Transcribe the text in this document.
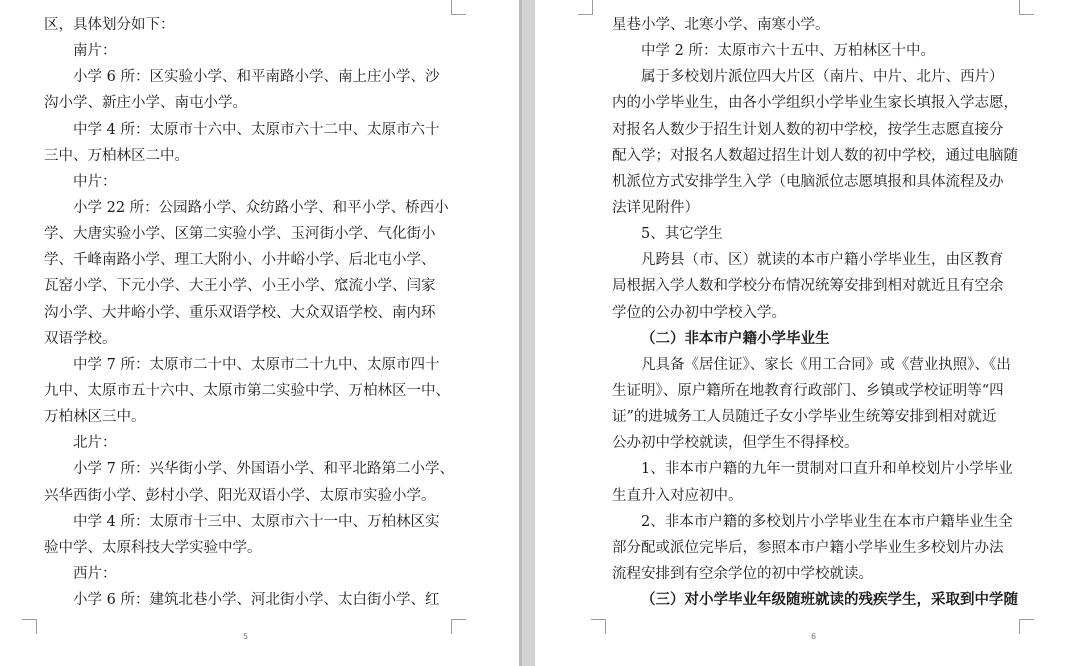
区，具体划分如下：
南片：
小学 6 所：区实验小学、和平南路小学、南上庄小学、沙
沟小学、新庄小学、南屯小学。
中学 4 所：太原市十六中、太原市六十二中、太原市六十
三中、万柏林区二中。
中片：
小学 22 所：公园路小学、众纺路小学、和平小学、桥西小
学、大唐实验小学、区第二实验小学、玉河街小学、气化街小
学、千峰南路小学、理工大附小、小井峪小学、后北屯小学、
瓦窑小学、下元小学、大王小学、小王小学、窊流小学、闫家
沟小学、大井峪小学、重乐双语学校、大众双语学校、南内环
双语学校。
中学 7 所：太原市二十中、太原市二十九中、太原市四十
九中、太原市五十六中、太原市第二实验中学、万柏林区一中、
万柏林区三中。
北片：
小学 7 所：兴华街小学、外国语小学、和平北路第二小学、
兴华西街小学、彭村小学、阳光双语小学、太原市实验小学。
中学 4 所：太原市十三中、太原市六十一中、万柏林区实
验中学、太原科技大学实验中学。
西片：
小学 6 所：建筑北巷小学、河北街小学、太白街小学、红
5
星巷小学、北寒小学、南寒小学。
中学 2 所：太原市六十五中、万柏林区十中。
属于多校划片派位四大片区（南片、中片、北片、西片）
内的小学毕业生，由各小学组织小学毕业生家长填报入学志愿，
对报名人数少于招生计划人数的初中学校，按学生志愿直接分
配入学；对报名人数超过招生计划人数的初中学校，通过电脑随
机派位方式安排学生入学（电脑派位志愿填报和具体流程及办
法详见附件）
5、其它学生
凡跨县（市、区）就读的本市户籍小学毕业生，由区教育
局根据入学人数和学校分布情况统筹安排到相对就近且有空余
学位的公办初中学校入学。
（二）非本市户籍小学毕业生
凡具备《居住证》、家长《用工合同》或《营业执照》、《出
生证明》、原户籍所在地教育行政部门、乡镇或学校证明等“四
证”的进城务工人员随迁子女小学毕业生统筹安排到相对就近
公办初中学校就读，但学生不得择校。
1、非本市户籍的九年一贯制对口直升和单校划片小学毕业
生直升入对应初中。
2、非本市户籍的多校划片小学毕业生在本市户籍毕业生全
部分配或派位完毕后，参照本市户籍小学毕业生多校划片办法
流程安排到有空余学位的初中学校就读。
（三）对小学毕业年级随班就读的残疾学生，采取到中学随
6
